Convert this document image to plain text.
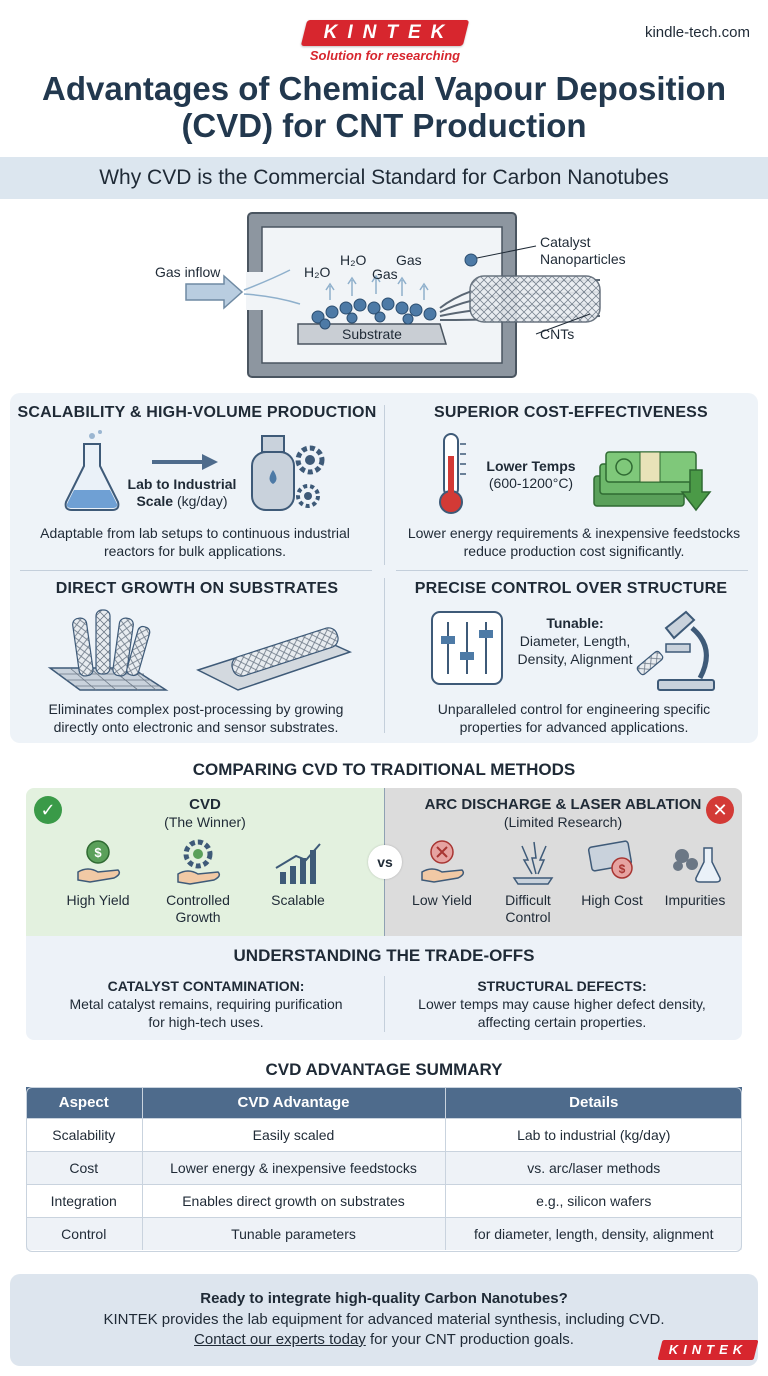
KINTEK
Solution for researching
kindle-tech.com
Advantages of Chemical Vapour Deposition (CVD) for CNT Production
Why CVD is the Commercial Standard for Carbon Nanotubes
Gas inflow	H₂O
H₂O
Gas
Gas
Substrate
Catalyst Nanoparticles
CNTs
SCALABILITY & HIGH-VOLUME PRODUCTION
Lab to Industrial Scale (kg/day)
Adaptable from lab setups to continuous industrial reactors for bulk applications.
SUPERIOR COST-EFFECTIVENESS
Lower Temps
(600-1200°C)
Lower energy requirements & inexpensive feedstocks reduce production cost significantly.
DIRECT GROWTH ON SUBSTRATES
Eliminates complex post-processing by growing directly onto electronic and sensor substrates.
PRECISE CONTROL OVER STRUCTURE
Tunable:
Diameter, Length, Density, Alignment
Unparalleled control for engineering specific properties for advanced applications.
COMPARING CVD TO TRADITIONAL METHODS
✓	✕
CVD
(The Winner)
ARC DISCHARGE & LASER ABLATION
(Limited Research)
vs
$
High Yield	Controlled Growth
Scalable
$
Low Yield	Difficult Control
High Cost	Impurities
UNDERSTANDING THE TRADE-OFFS
CATALYST CONTAMINATION:
Metal catalyst remains, requiring purification for high-tech uses.
STRUCTURAL DEFECTS:
Lower temps may cause higher defect density, affecting certain properties.
CVD ADVANTAGE SUMMARY
Aspect	CVD Advantage	Details
Scalability	Easily scaled	Lab to industrial (kg/day)
Cost	Lower energy & inexpensive feedstocks	vs. arc/laser methods
Integration	Enables direct growth on substrates	e.g., silicon wafers
Control	Tunable parameters	for diameter, length, density, alignment
Ready to integrate high-quality Carbon Nanotubes?
KINTEK provides the lab equipment for advanced material synthesis, including CVD.
Contact our experts today for your CNT production goals.
KINTEK
